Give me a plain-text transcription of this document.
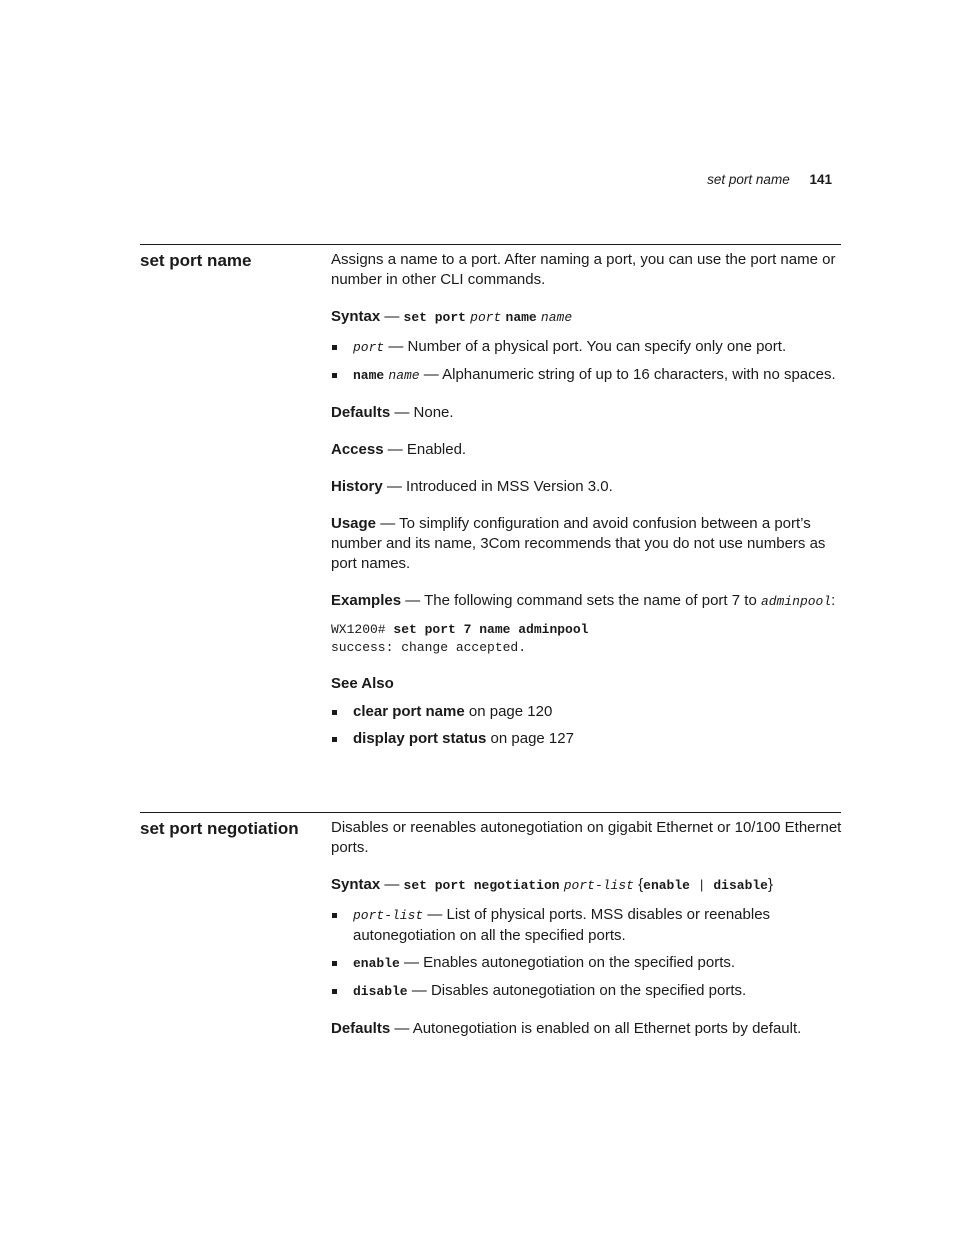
set port name 141
set port name	Assigns a name to a port. After naming a port, you can use the port name or number in other CLI commands.

Syntax — set port port name name

port — Number of a physical port. You can specify only one port.
name name — Alphanumeric string of up to 16 characters, with no spaces.

Defaults — None.

Access — Enabled.

History — Introduced in MSS Version 3.0.

Usage — To simplify configuration and avoid confusion between a port’s number and its name, 3Com recommends that you do not use numbers as port names.

Examples — The following command sets the name of port 7 to adminpool:

WX1200# set port 7 name adminpool
success: change accepted.

See Also

clear port name on page 120
display port status on page 127
set port negotiation	Disables or reenables autonegotiation on gigabit Ethernet or 10/100 Ethernet ports.

Syntax — set port negotiation port-list {enable | disable}

port-list — List of physical ports. MSS disables or reenables autonegotiation on all the specified ports.
enable — Enables autonegotiation on the specified ports.
disable — Disables autonegotiation on the specified ports.

Defaults — Autonegotiation is enabled on all Ethernet ports by default.
